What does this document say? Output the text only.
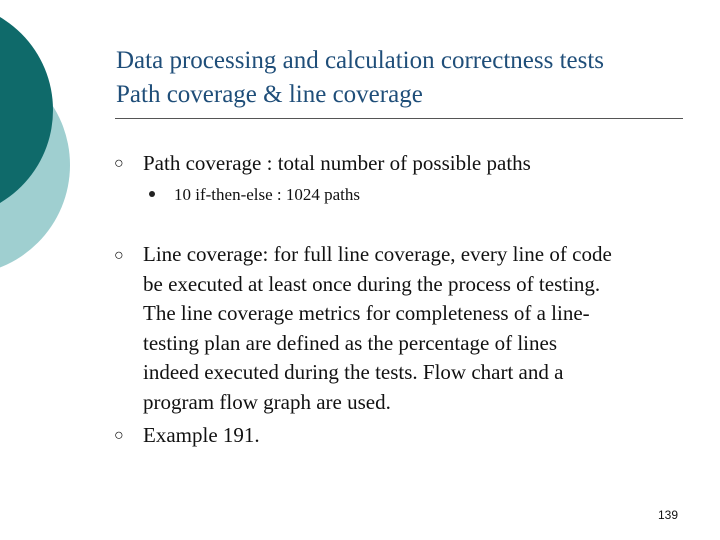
Data processing and calculation correctness tests
Path coverage & line coverage
○ Path coverage : total number of possible paths
10 if-then-else : 1024 paths
○ Line coverage: for full line coverage, every line of code
be executed at least once during the process of testing.
The line coverage metrics for completeness of a line-
testing plan are defined as the percentage of lines
indeed executed during the tests. Flow chart and a
program flow graph are used.
○ Example 191.
139
